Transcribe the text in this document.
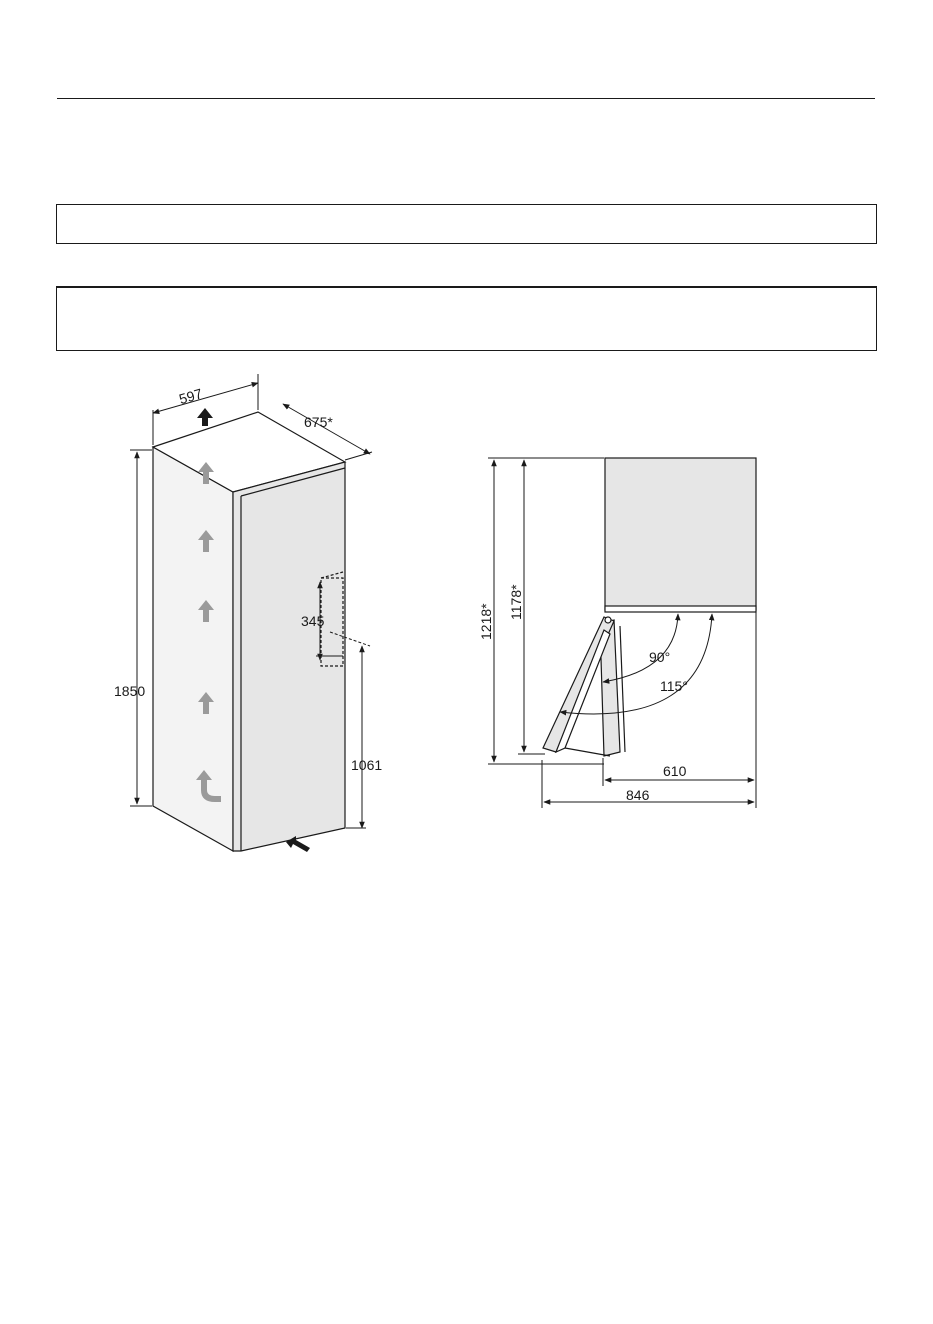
597
675*
1850
345
1061
1218*
1178*
90°
115°
610
846
